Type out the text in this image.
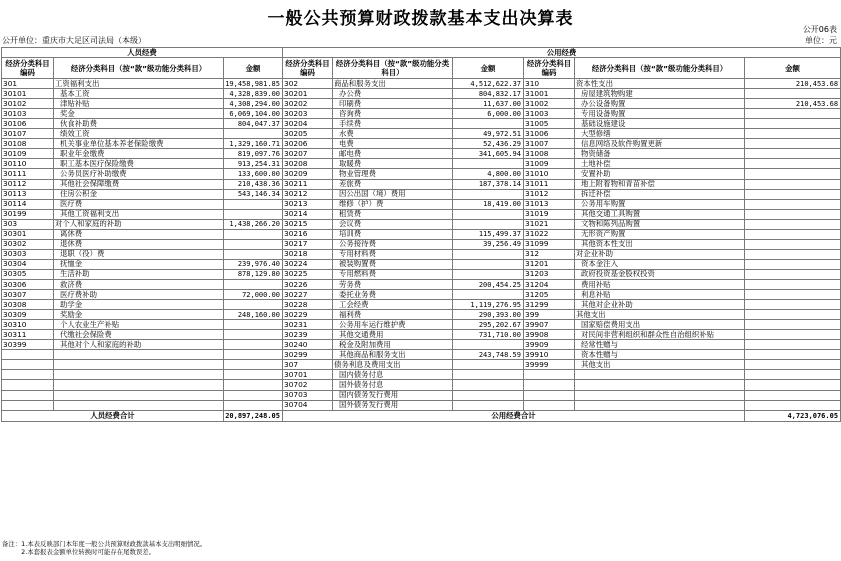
一般公共预算财政拨款基本支出决算表
公开06表
公开单位：重庆市大足区司法局（本级）	单位：元
人员经费			公用经费					
经济分类科目编码	经济分类科目（按“款”级功能分类科目）	金额	经济分类科目编码	经济分类科目（按“款”级功能分类科目）	金额	经济分类科目编码	经济分类科目（按“款”级功能分类科目）	金额
301	工资福利支出	19,458,981.85	302	商品和服务支出	4,512,622.37	310	资本性支出	210,453.68
30101	基本工资	4,328,839.00	30201	办公费	804,832.17	31001	房屋建筑物购建	
30102	津贴补贴	4,308,294.00	30202	印刷费	11,637.00	31002	办公设备购置	210,453.68
30103	奖金	6,069,104.00	30203	咨询费	6,000.00	31003	专用设备购置	
30106	伙食补助费	804,047.37	30204	手续费		31005	基础设施建设	
30107	绩效工资		30205	水费	49,972.51	31006	大型修缮	
30108	机关事业单位基本养老保险缴费	1,329,160.71	30206	电费	52,436.29	31007	信息网络及软件购置更新	
30109	职业年金缴费	819,097.76	30207	邮电费	341,605.94	31008	物资储备	
30110	职工基本医疗保险缴费	913,254.31	30208	取暖费		31009	土地补偿	
30111	公务员医疗补助缴费	133,600.00	30209	物业管理费	4,800.00	31010	安置补助	
30112	其他社会保障缴费	210,438.36	30211	差旅费	187,378.14	31011	地上附着物和青苗补偿	
30113	住房公积金	543,146.34	30212	因公出国（境）费用		31012	拆迁补偿	
30114	医疗费		30213	维修（护）费	18,419.00	31013	公务用车购置	
30199	其他工资福利支出		30214	租赁费		31019	其他交通工具购置	
303	对个人和家庭的补助	1,438,266.20	30215	会议费		31021	文物和陈列品购置	
30301	离休费		30216	培训费	115,499.37	31022	无形资产购置	
30302	退休费		30217	公务接待费	39,256.49	31099	其他资本性支出	
30303	退职（役）费		30218	专用材料费		312	对企业补助	
30304	抚恤金	239,976.40	30224	被装购置费		31201	资本金注入	
30305	生活补助	878,129.80	30225	专用燃料费		31203	政府投资基金股权投资	
30306	救济费		30226	劳务费	200,454.25	31204	费用补贴	
30307	医疗费补助	72,000.00	30227	委托业务费		31205	利息补贴	
30308	助学金		30228	工会经费	1,119,276.95	31299	其他对企业补助	
30309	奖励金	248,160.00	30229	福利费	290,393.00	399	其他支出	
30310	个人农业生产补贴		30231	公务用车运行维护费	295,202.67	39907	国家赔偿费用支出	
30311	代缴社会保险费		30239	其他交通费用	731,710.00	39908	对民间非营利组织和群众性自治组织补贴	
30399	其他对个人和家庭的补助		30240	税金及附加费用		39909	经常性赠与	
			30299	其他商品和服务支出	243,748.59	39910	资本性赠与	
			307	债务利息及费用支出		39999	其他支出	
			30701	国内债务付息				
			30702	国外债务付息				
			30703	国内债务发行费用				
			30704	国外债务发行费用				
人员经费合计		20,897,248.05	公用经费合计					4,723,076.05
备注：1.本表反映部门本年度一般公共预算财政拨款基本支出明细情况。
　　　2.本套报表金额单位转换时可能存在尾数误差。
